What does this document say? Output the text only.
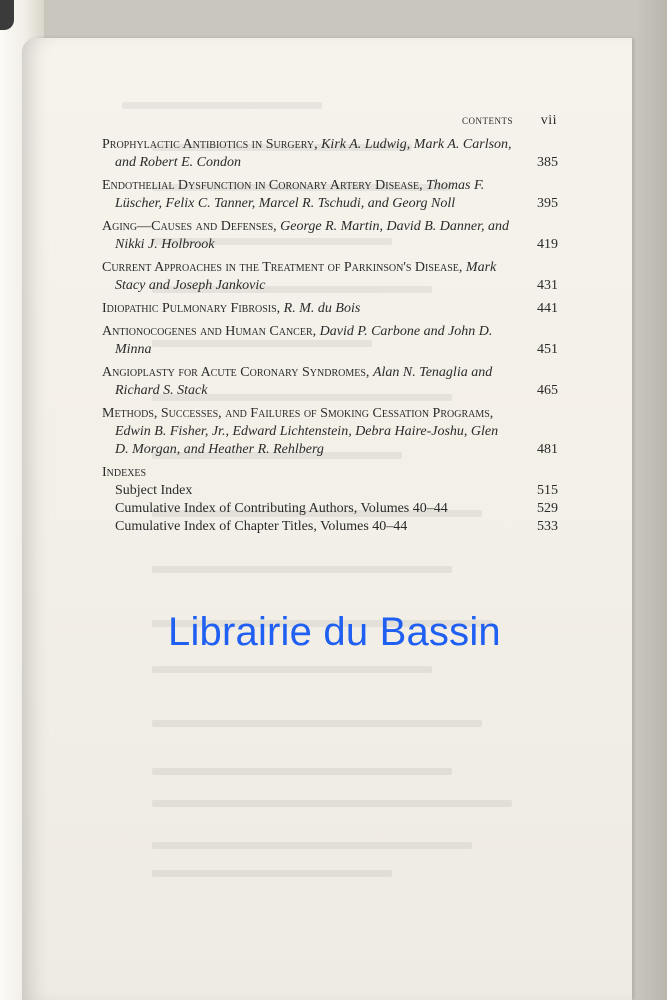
contents vii
Prophylactic Antibiotics in Surgery, Kirk A. Ludwig, Mark A. Carlson, and Robert E. Condon	385
Endothelial Dysfunction in Coronary Artery Disease, Thomas F. Lüscher, Felix C. Tanner, Marcel R. Tschudi, and Georg Noll	395
Aging—Causes and Defenses, George R. Martin, David B. Danner, and Nikki J. Holbrook	419
Current Approaches in the Treatment of Parkinson's Disease, Mark Stacy and Joseph Jankovic	431
Idiopathic Pulmonary Fibrosis, R. M. du Bois	441
Antionocogenes and Human Cancer, David P. Carbone and John D. Minna	451
Angioplasty for Acute Coronary Syndromes, Alan N. Tenaglia and Richard S. Stack	465
Methods, Successes, and Failures of Smoking Cessation Programs, Edwin B. Fisher, Jr., Edward Lichtenstein, Debra Haire-Joshu, Glen D. Morgan, and Heather R. Rehlberg	481
Indexes
Subject Index	515
Cumulative Index of Contributing Authors, Volumes 40–44	529
Cumulative Index of Chapter Titles, Volumes 40–44	533
Librairie du Bassin
